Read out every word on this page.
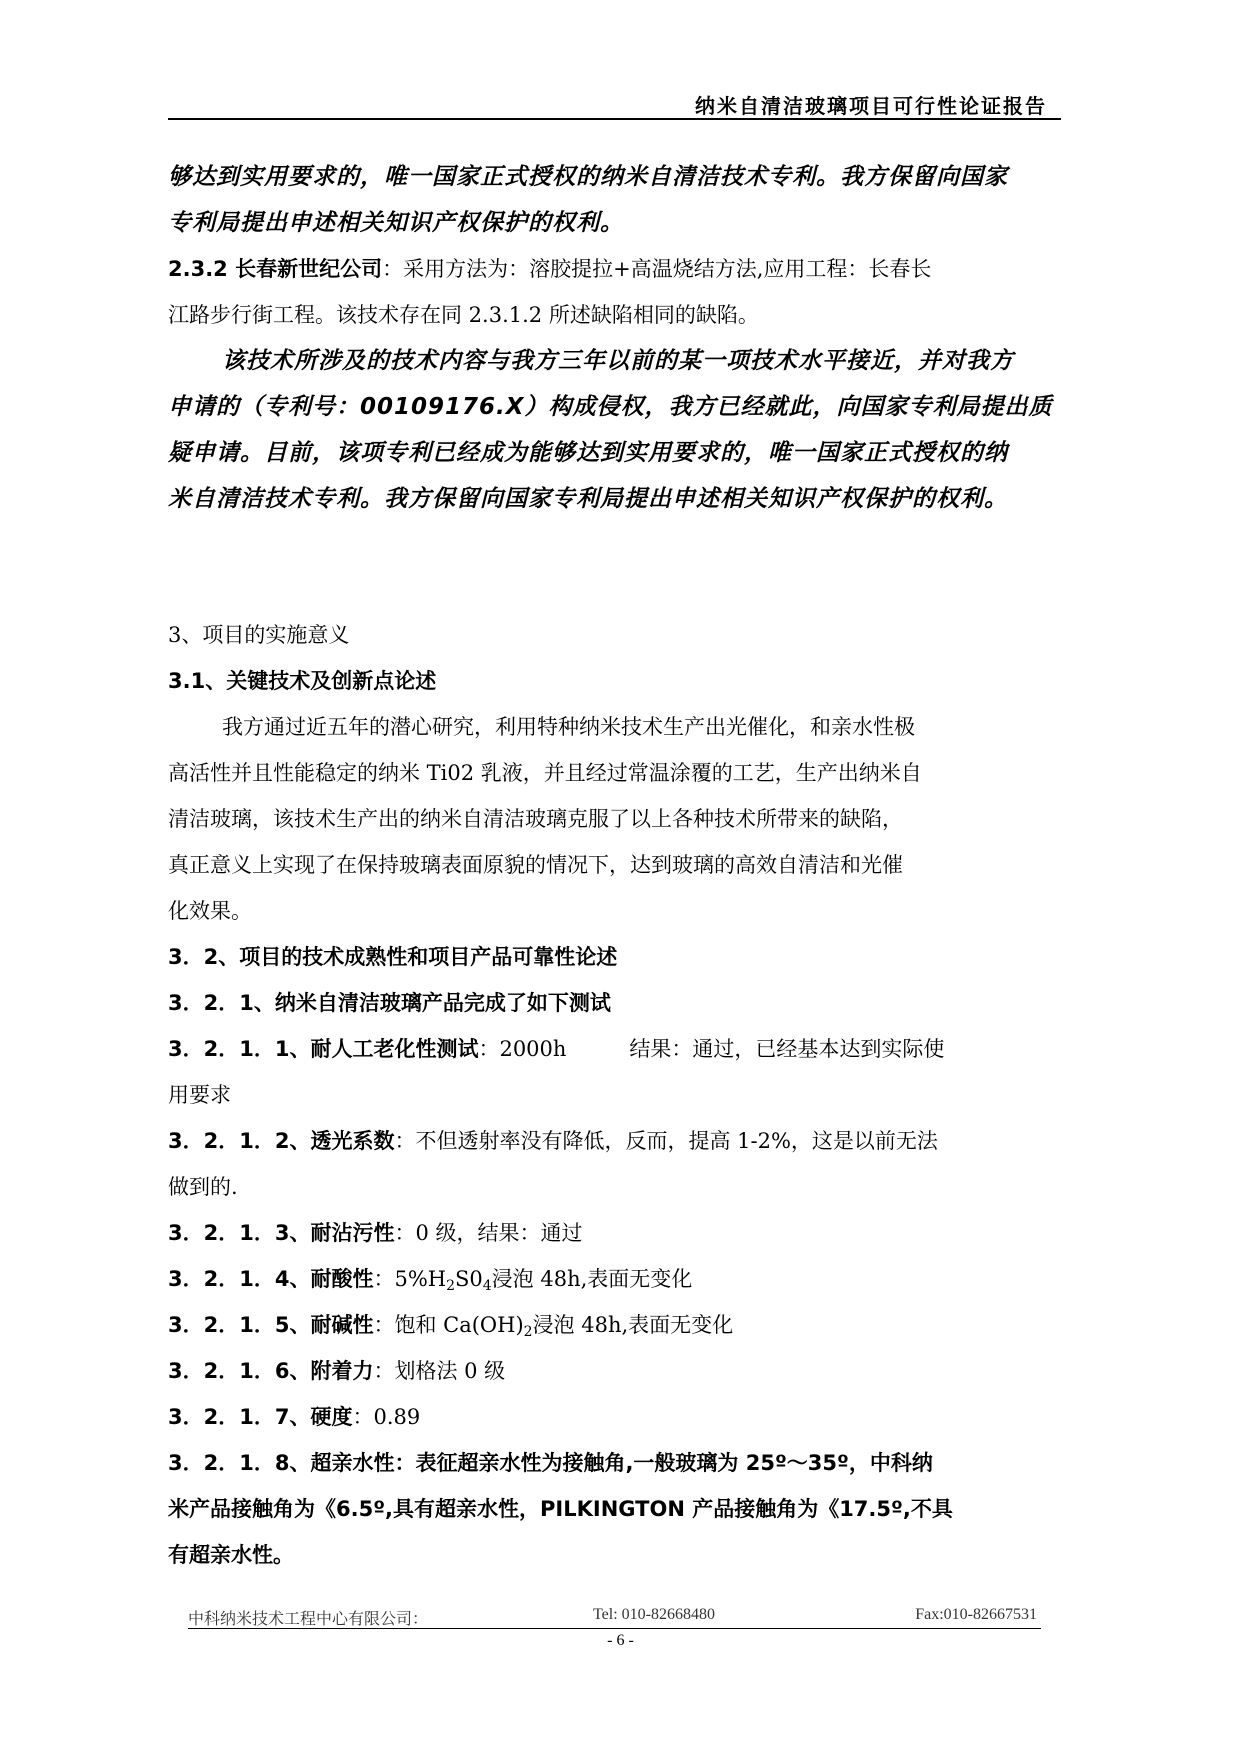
纳米自清洁玻璃项目可行性论证报告
够达到实用要求的，唯一国家正式授权的纳米自清洁技术专利。我方保留向国家
专利局提出申述相关知识产权保护的权利。
2.3.2 长春新世纪公司：采用方法为：溶胶提拉+高温烧结方法,应用工程：长春长
江路步行街工程。该技术存在同 2.3.1.2 所述缺陷相同的缺陷。
该技术所涉及的技术内容与我方三年以前的某一项技术水平接近，并对我方
申请的（专利号：00109176.X）构成侵权，我方已经就此，向国家专利局提出质
疑申请。目前，该项专利已经成为能够达到实用要求的，唯一国家正式授权的纳
米自清洁技术专利。我方保留向国家专利局提出申述相关知识产权保护的权利。
3、项目的实施意义
3.1、关键技术及创新点论述
我方通过近五年的潜心研究，利用特种纳米技术生产出光催化，和亲水性极
高活性并且性能稳定的纳米 Ti02 乳液，并且经过常温涂覆的工艺，生产出纳米自
清洁玻璃，该技术生产出的纳米自清洁玻璃克服了以上各种技术所带来的缺陷，
真正意义上实现了在保持玻璃表面原貌的情况下，达到玻璃的高效自清洁和光催
化效果。
3．2、项目的技术成熟性和项目产品可靠性论述
3．2．1、纳米自清洁玻璃产品完成了如下测试
3．2．1．1、耐人工老化性测试：2000h　　　结果：通过，已经基本达到实际使
用要求
3．2．1．2、透光系数：不但透射率没有降低，反而，提高 1-2%，这是以前无法
做到的.
3．2．1．3、耐沾污性：0 级，结果：通过
3．2．1．4、耐酸性：$5\%H_2S0_4$浸泡 48h,表面无变化
3．2．1．5、耐碱性：饱和 $Ca(OH)_2$浸泡 48h,表面无变化
3．2．1．6、附着力：划格法 0 级
3．2．1．7、硬度：0.89
3．2．1．8、超亲水性：表征超亲水性为接触角,一般玻璃为 25º～35º，中科纳
米产品接触角为《6.5º,具有超亲水性，PILKINGTON 产品接触角为《17.5º,不具
有超亲水性。
中科纳米技术工程中心有限公司：	Tel: 010-82668480	Fax:010-82667531
- 6 -
